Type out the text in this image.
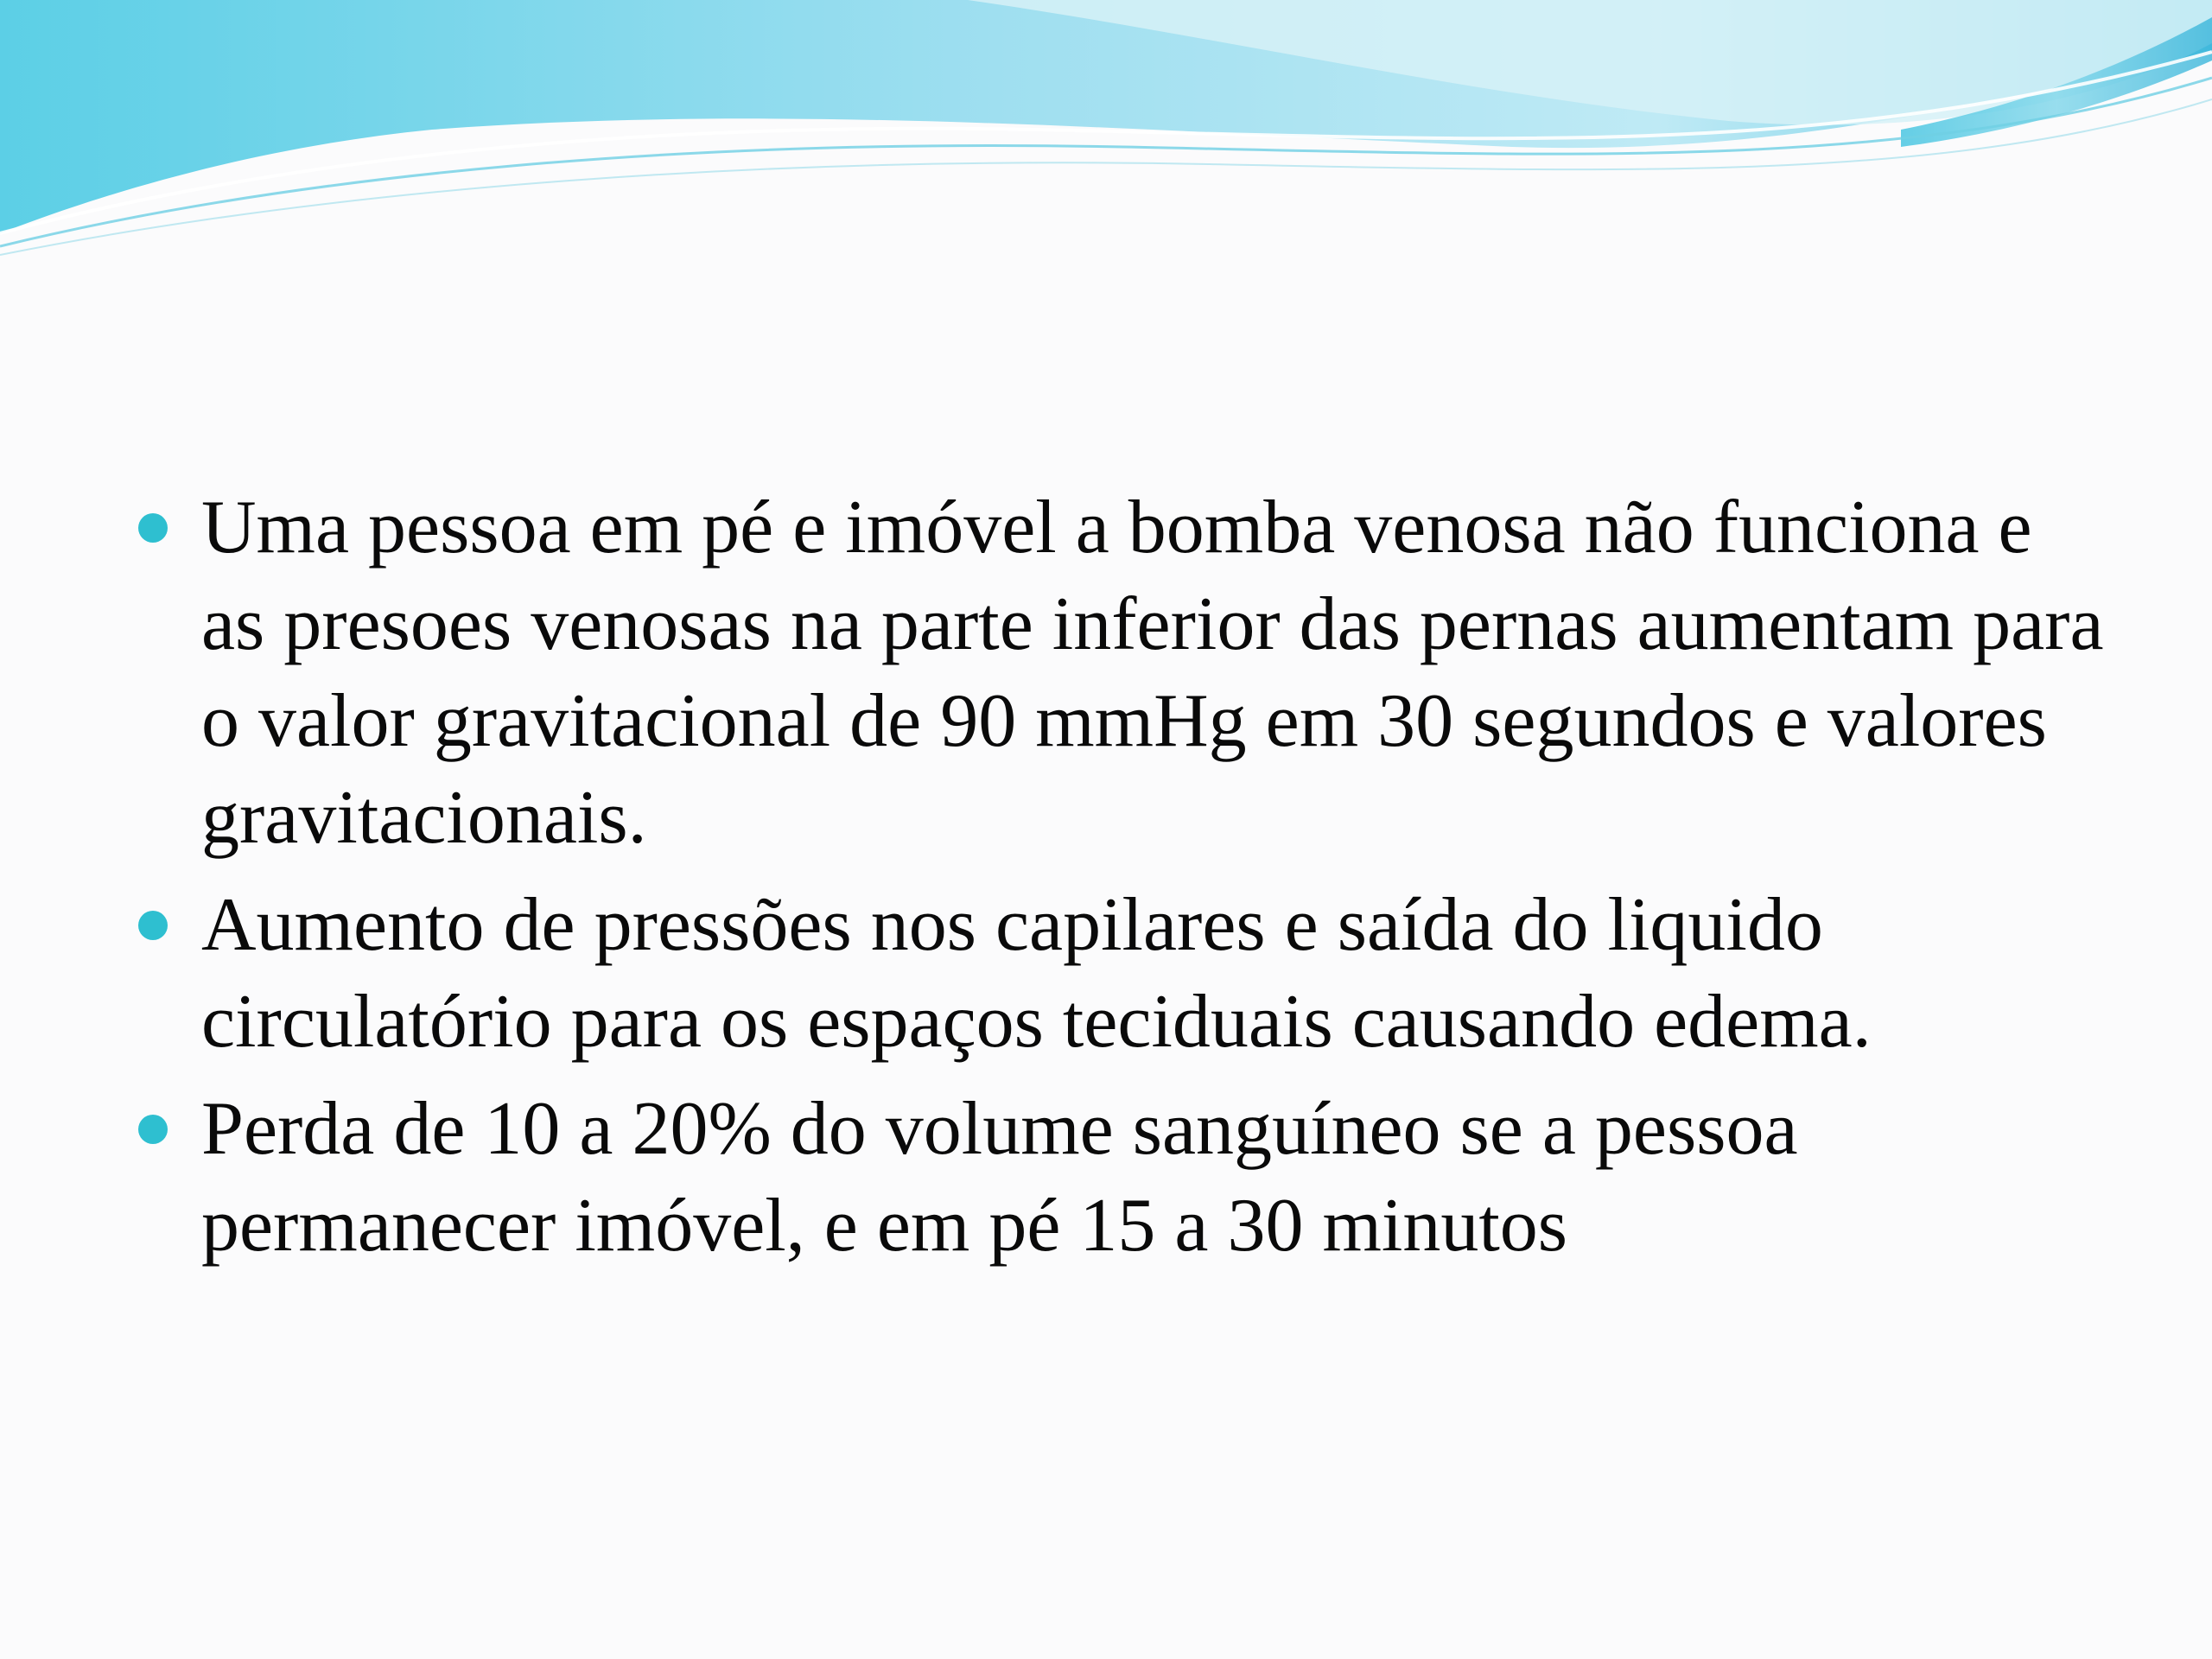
Uma pessoa em pé e imóvel a bomba venosa não funciona e as presoes venosas na parte inferior das pernas aumentam para o valor gravitacional de 90 mmHg em 30 segundos e valores gravitacionais.
Aumento de pressões nos capilares e saída do liquido circulatório para os espaços teciduais causando edema.
Perda de 10 a 20% do volume sanguíneo se a pessoa permanecer imóvel, e em pé 15 a 30 minutos
